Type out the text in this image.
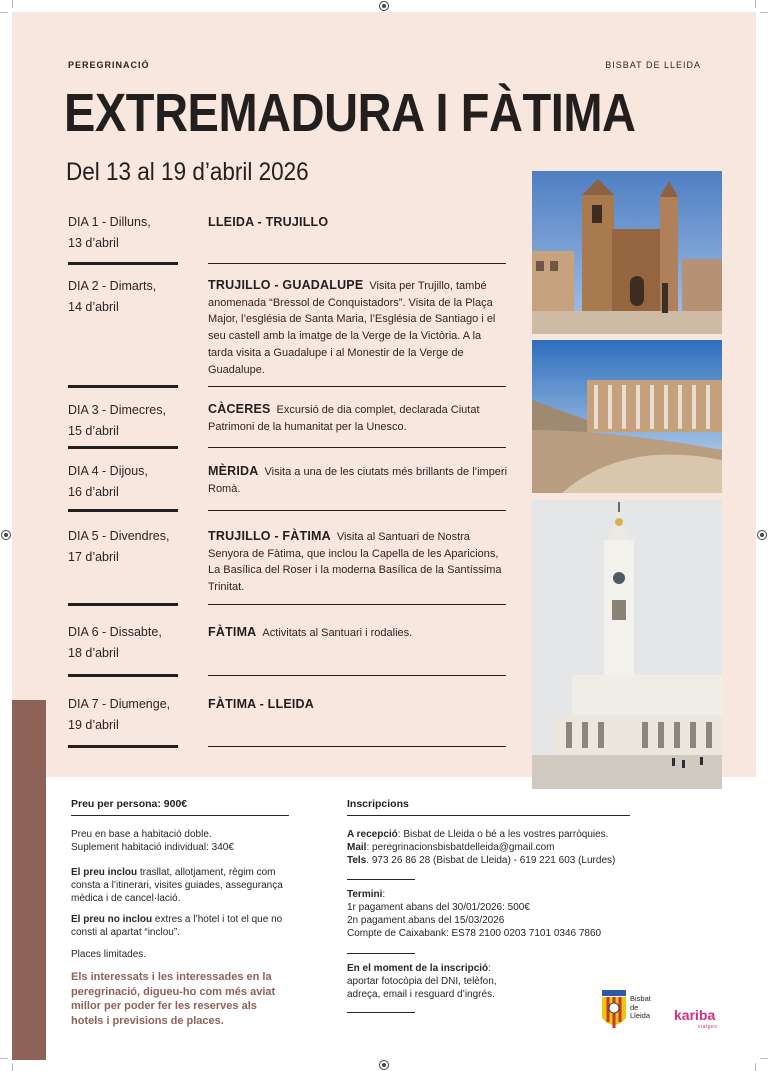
PEREGRINACIÓ	BISBAT DE LLEIDA
EXTREMADURA I FÀTIMA
Del 13 al 19 d’abril 2026
DIA 1 - Dilluns,
13 d’abril
LLEIDA - TRUJILLO
DIA 2 - Dimarts,
14 d’abril
TRUJILLO - GUADALUPE Visita per Trujillo, també anomenada “Bressol de Conquistadors”. Visita de la Plaça Major, l’església de Santa Maria, l’Església de Santiago i el seu castell amb la imatge de la Verge de la Victòria. A la tarda visita a Guadalupe i al Monestir de la Verge de Guadalupe.
DIA 3 - Dimecres,
15 d’abril
CÀCERES Excursió de dia complet, declarada Ciutat Patrimoni de la humanitat per la Unesco.
DIA 4 - Dijous,
16 d’abril
MÈRIDA Visita a una de les ciutats més brillants de l’imperi Romà.
DIA 5 - Divendres,
17 d’abril
TRUJILLO - FÀTIMA Visita al Santuari de Nostra Senyora de Fàtima, que inclou la Capella de les Aparicions, La Basílica del Roser i la moderna Basílica de la Santíssima Trinitat.
DIA 6 - Dissabte,
18 d’abril
FÀTIMA Activitats al Santuari i rodalies.
DIA 7 - Diumenge,
19 d’abril
FÀTIMA - LLEIDA
Preu per persona: 900€
Preu en base a habitació doble.
Suplement habitació individual: 340€
El preu inclou trasllat, allotjament, règim com consta a l’itinerari, visites guiades, assegurança mèdica i de cancel·lació.
El preu no inclou extres a l’hotel i tot el que no consti al apartat “inclou”.
Places limitades.
Els interessats i les interessades en la peregrinació, digueu-ho com més aviat millor per poder fer les reserves als hotels i previsions de places.
Inscripcions
A recepció: Bisbat de Lleida o bé a les vostres parròquies.
Mail: peregrinacionsbisbatdelleida@gmail.com
Tels. 973 26 86 28 (Bisbat de Lleida) - 619 221 603 (Lurdes)
Termini:
1r pagament abans del 30/01/2026: 500€
2n pagament abans del 15/03/2026
Compte de Caixabank: ES78 2100 0203 7101 0346 7860
En el moment de la inscripció:
aportar fotocòpia del DNI, telèfon,
adreça, email i resguard d’ingrés.	Bisbat
de
Lleida kariba
viatges
